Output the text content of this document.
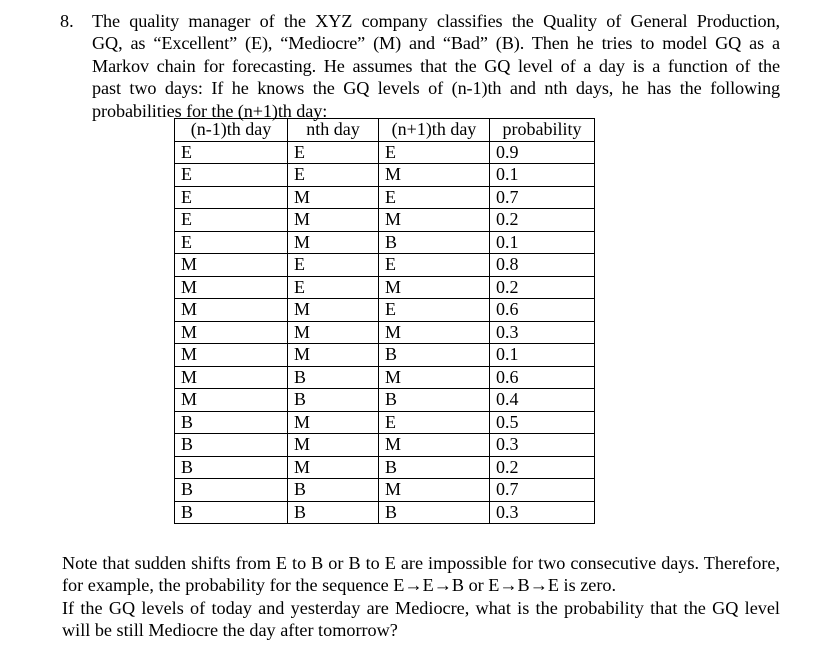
8. The quality manager of the XYZ company classifies the Quality of General Production,
GQ, as “Excellent” (E), “Mediocre” (M) and “Bad” (B). Then he tries to model GQ as a
Markov chain for forecasting. He assumes that the GQ level of a day is a function of the
past two days: If he knows the GQ levels of (n-1)th and nth days, he has the following
probabilities for the (n+1)th day:
(n-1)th day	nth day	(n+1)th day	probability
E	E	E	0.9
E	E	M	0.1
E	M	E	0.7
E	M	M	0.2
E	M	B	0.1
M	E	E	0.8
M	E	M	0.2
M	M	E	0.6
M	M	M	0.3
M	M	B	0.1
M	B	M	0.6
M	B	B	0.4
B	M	E	0.5
B	M	M	0.3
B	M	B	0.2
B	B	M	0.7
B	B	B	0.3
Note that sudden shifts from E to B or B to E are impossible for two consecutive days. Therefore,
for example, the probability for the sequence E→E→B or E→B→E is zero.
If the GQ levels of today and yesterday are Mediocre, what is the probability that the GQ level
will be still Mediocre the day after tomorrow?
